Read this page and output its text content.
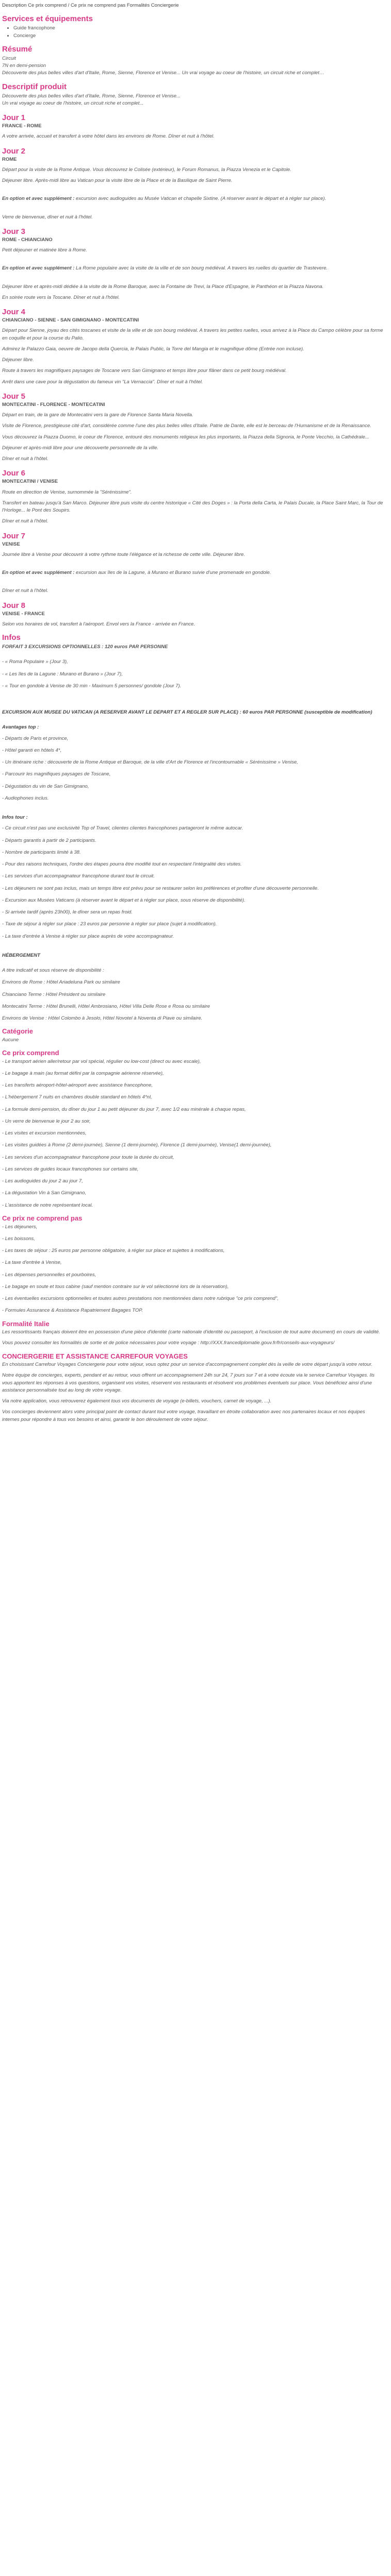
Description Ce prix comprend / Ce prix ne comprend pas Formalités Conciergerie
Services et équipements
• Guide francophone
• Concierge
Résumé
Circuit
7N en demi-pension
Découverte des plus belles villes d'art d'Italie, Rome, Sienne, Florence et Venise... Un vrai voyage au coeur de l'histoire, un circuit riche et complet…
Descriptif produit
Découverte des plus belles villes d'art d'Italie, Rome, Sienne, Florence et Venise...
Un vrai voyage au coeur de l'histoire, un circuit riche et complet...
Jour 1
FRANCE - ROME
A votre arrivée, accueil et transfert à votre hôtel dans les environs de Rome. Dîner et nuit à l'hôtel.
Jour 2
ROME
Départ pour la visite de la Rome Antique. Vous découvrez le Colisée (extérieur), le Forum Romanus, la Piazza Venezia et le Capitole.
Déjeuner libre. Après-midi libre au Vatican pour la visite libre de la Place et de la Basilique de Saint Pierre.
En option et avec supplément : excursion avec audioguides au Musée Vatican et chapelle Sixtine. (A réserver avant le départ et à régler sur place).
Verre de bienvenue, dîner et nuit à l'hôtel.
Jour 3
ROME - CHIANCIANO
Petit déjeuner et matinée libre à Rome.
En option et avec supplément : La Rome populaire avec la visite de la ville et de son bourg médiéval. A travers les ruelles du quartier de Trastevere.
Déjeuner libre et après-midi dédiée à la visite de la Rome Baroque, avec la Fontaine de Trevi, la Place d'Espagne, le Panthéon et la Piazza Navona.
En soirée route vers la Toscane. Dîner et nuit à l'hôtel.
Jour 4
CHIANCIANO - SIENNE - SAN GIMIGNANO - MONTECATINI
Départ pour Sienne, joyau des cités toscanes et visite de la ville et de son bourg médiéval. A travers les petites ruelles, vous arrivez à la Place du Campo célèbre pour sa forme en coquille et pour la course du Palio.
Admirez le Palazzo Gaia, oeuvre de Jacopo della Quercia, le Palais Public, la Torre del Mangia et le magnifique dôme (Entrée non incluse).
Déjeuner libre.
Route à travers les magnifiques paysages de Toscane vers San Gimignano et temps libre pour flâner dans ce petit bourg médiéval.
Arrêt dans une cave pour la dégustation du fameux vin "La Vernaccia". Dîner et nuit à l'hôtel.
Jour 5
MONTECATINI - FLORENCE - MONTECATINI
Départ en train, de la gare de Montecatini vers la gare de Florence Santa Maria Novella.
Visite de Florence, prestigieuse cité d'art, considérée comme l'une des plus belles villes d'Italie. Patrie de Dante, elle est le berceau de l'Humanisme et de la Renaissance.
Vous découvrez la Piazza Duomo, le coeur de Florence, entouré des monuments religieux les plus importants, la Piazza della Signoria, le Ponte Vecchio, la Cathédrale...
Déjeuner et après-midi libre pour une découverte personnelle de la ville.
Dîner et nuit à l'hôtel.
Jour 6
MONTECATINI / VENISE
Route en direction de Venise, surnommée la "Sérénissime".
Transfert en bateau jusqu'à San Marco. Déjeuner libre puis visite du centre historique « Cité des Doges » : la Porta della Carta, le Palais Ducale, la Place Saint Marc, la Tour de l'Horloge... le Pont des Soupirs.
Dîner et nuit à l'hôtel.
Jour 7
VENISE
Journée libre à Venise pour découvrir à votre rythme toute l'élégance et la richesse de cette ville. Déjeuner libre.
En option et avec supplément : excursion aux îles de la Lagune, à Murano et Burano suivie d'une promenade en gondole.
Dîner et nuit à l'hôtel.
Jour 8
VENISE - FRANCE
Selon vos horaires de vol, transfert à l'aéroport. Envol vers la France - arrivée en France.
Infos
FORFAIT 3 EXCURSIONS OPTIONNELLES : 120 euros PAR PERSONNE
- « Roma Populaire » (Jour 3),
- « Les îles de la Lagune : Murano et Burano » (Jour 7),
- « Tour en gondole à Venise de 30 min - Maximum 5 personnes/ gondole (Jour 7).
EXCURSION AUX MUSEE DU VATICAN (A RESERVER AVANT LE DEPART ET A REGLER SUR PLACE) : 60 euros PAR PERSONNE (susceptible de modification)
Avantages top :
- Départs de Paris et province,
- Hôtel garanti en hôtels 4*,
- Un itinéraire riche : découverte de la Rome Antique et Baroque, de la ville d'Art de Florence et l'incontournable « Sérénissime » Venise,
- Parcourir les magnifiques paysages de Toscane,
- Dégustation du vin de San Gimignano,
- Audiophones inclus.
Infos tour :
- Ce circuit n'est pas une exclusivité Top of Travel, clientes clientes francophones partageront le même autocar.
- Départs garantis à partir de 2 participants.
- Nombre de participants limité à 38.
- Pour des raisons techniques, l'ordre des étapes pourra être modifié tout en respectant l'intégralité des visites.
- Les services d'un accompagnateur francophone durant tout le circuit.
- Les déjeuners ne sont pas inclus, mais un temps libre est prévu pour se restaurer selon les préférences et profiter d'une découverte personnelle.
- Excursion aux Musées Vaticans (à réserver avant le départ et à régler sur place, sous réserve de disponibilité).
- Si arrivée tardif (après 23h00), le dîner sera un repas froid.
- Taxe de séjour à régler sur place : 23 euros par personne à régler sur place (sujet à modification).
- La taxe d'entrée à Venise à régler sur place auprès de votre accompagnateur.
HÉBERGEMENT
A titre indicatif et sous réserve de disponibilité :
Environs de Rome : Hôtel Ariadeluna Park ou similaire
Chianciano Terme : Hôtel Président ou similaire
Montecatini Terme : Hôtel Brunelli, Hôtel Ambrosiano, Hôtel Villa Delle Rose e Rosa ou similaire
Environs de Venise : Hôtel Colombo à Jesolo, Hôtel Novotel à Noventa di Piave ou similaire.
Catégorie
Aucune
Ce prix comprend
- Le transport aérien aller/retour par vol spécial, régulier ou low-cost (direct ou avec escale),
- Le bagage à main (au format défini par la compagnie aérienne réservée),
- Les transferts aéroport-hôtel-aéroport avec assistance francophone,
- L'hébergement 7 nuits en chambres double standard en hôtels 4*nl,
- La formule demi-pension, du dîner du jour 1 au petit déjeuner du jour 7, avec 1/2 eau minérale à chaque repas,
- Un verre de bienvenue le jour 2 au soir,
- Les visites et excursion mentionnées,
- Les visites guidées à Rome (2 demi-journée), Sienne (1 demi-journée), Florence (1 demi-journée), Venise(1 demi-journée),
- Les services d'un accompagnateur francophone pour toute la durée du circuit,
- Les services de guides locaux francophones sur certains site,
- Les audioguides du jour 2 au jour 7,
- La dégustation Vin à San Gimignano,
- L'assistance de notre représentant local.
Ce prix ne comprend pas
- Les déjeuners,
- Les boissons,
- Les taxes de séjour : 25 euros par personne obligatoire, à régler sur place et sujettes à modifications,
- La taxe d'entrée à Venise,
- Les dépenses personnelles et pourboires,
- Le bagage en soute et tous cabine (sauf mention contraire sur le vol sélectionné lors de la réservation),
- Les éventuelles excursions optionnelles et toutes autres prestations non mentionnées dans notre rubrique "ce prix comprend",
- Formules Assurance & Assistance Rapatriement Bagages TOP.
Formalité Italie
Les ressortissants français doivent être en possession d'une pièce d'identité (carte nationale d'identité ou passeport, à l'exclusion de tout autre document) en cours de validité.
Vous pouvez consulter les formalités de sortie et de police nécessaires pour votre voyage : http://XXX.francediplomatie.gouv.fr/fr/conseils-aux-voyageurs/
CONCIERGERIE ET ASSISTANCE CARREFOUR VOYAGES
En choisissant Carrefour Voyages Conciergerie pour votre séjour, vous optez pour un service d'accompagnement complet dès la veille de votre départ jusqu'à votre retour.
Notre équipe de concierges, experts, pendant et au retour, vous offrent un accompagnement 24h sur 24, 7 jours sur 7 et à votre écoute via le service Carrefour Voyages. Ils vous apportent les réponses à vos questions, organisent vos visites, réservent vos restaurants et résolvent vos problèmes éventuels sur place. Vous bénéficiez ainsi d'une assistance personnalisée tout au long de votre voyage.
Via notre application, vous retrouverez également tous vos documents de voyage (e-billets, vouchers, carnet de voyage, ...).
Vos concierges deviennent alors votre principal point de contact durant tout votre voyage, travaillant en étroite collaboration avec nos partenaires locaux et nos équipes internes pour répondre à tous vos besoins et ainsi, garantir le bon déroulement de votre séjour.
